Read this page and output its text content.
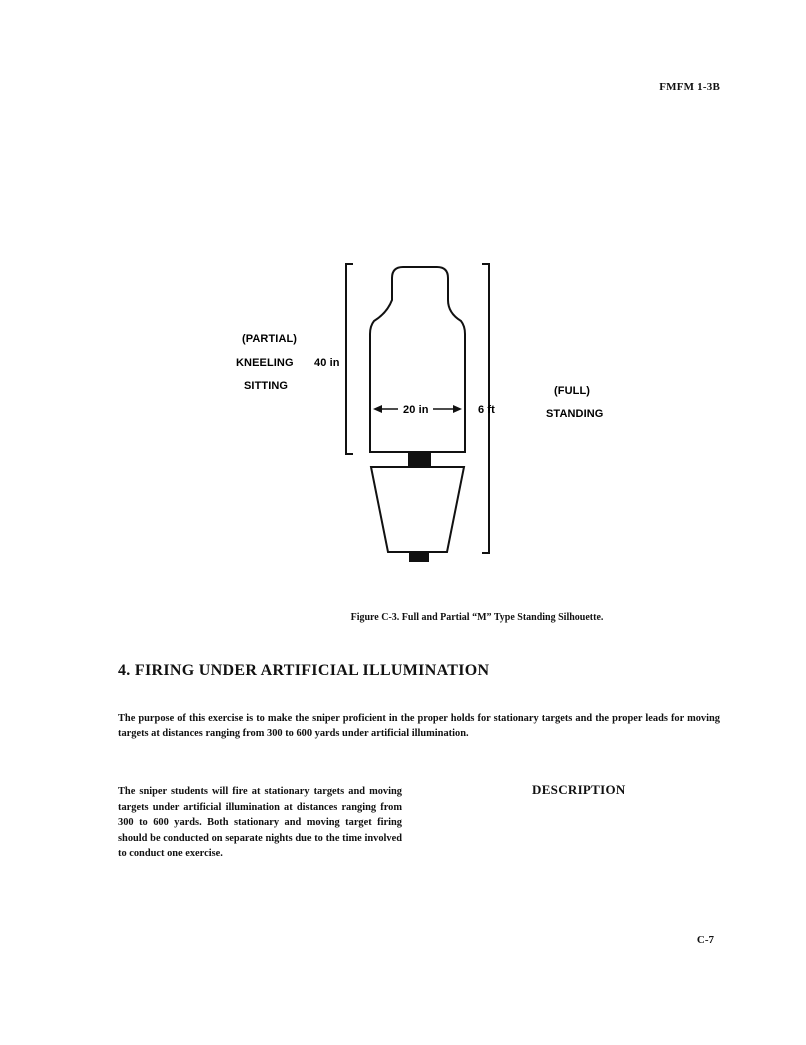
FMFM 1-3B
(PARTIAL)
KNEELING
SITTING
40 in
20 in	6 ft
(FULL)
STANDING
Figure C-3. Full and Partial “M” Type Standing Silhouette.
4. FIRING UNDER ARTIFICIAL ILLUMINATION
The purpose of this exercise is to make the sniper proficient in the proper holds for stationary targets and the proper leads for moving targets at distances ranging from 300 to 600 yards under artificial illumination.
The sniper students will fire at stationary targets and moving targets under artificial illumination at distances ranging from 300 to 600 yards. Both stationary and moving target firing should be conducted on separate nights due to the time involved to conduct one exercise.
DESCRIPTION
C-7
